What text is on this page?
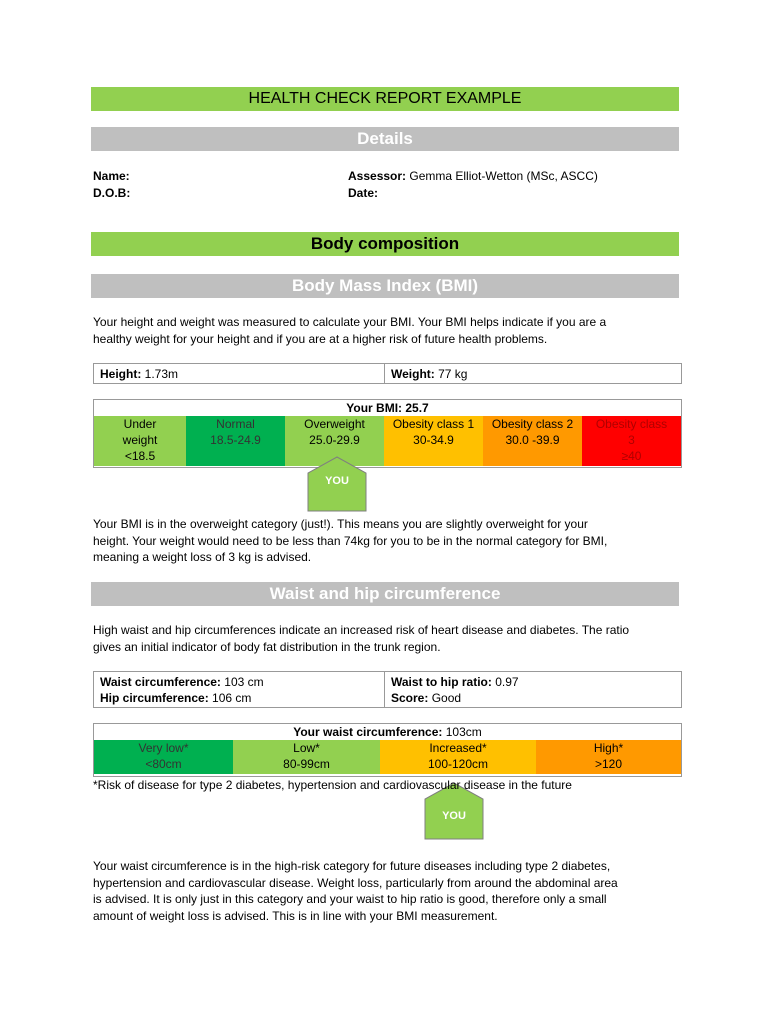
HEALTH CHECK REPORT EXAMPLE
Details
Name:
D.O.B:
Assessor: Gemma Elliot-Wetton (MSc, ASCC)
Date:
Body composition
Body Mass Index (BMI)
Your height and weight was measured to calculate your BMI. Your BMI helps indicate if you are a
healthy weight for your height and if you are at a higher risk of future health problems.
Height: 1.73m	Weight: 77 kg
Your BMI: 25.7
Under
weight
<18.5
Normal
18.5-24.9
Overweight
25.0-29.9
Obesity class 1
30-34.9
Obesity class 2
30.0 -39.9
Obesity class
3
≥40
YOU
Your BMI is in the overweight category (just!). This means you are slightly overweight for your
height. Your weight would need to be less than 74kg for you to be in the normal category for BMI,
meaning a weight loss of 3 kg is advised.
Waist and hip circumference
High waist and hip circumferences indicate an increased risk of heart disease and diabetes. The ratio
gives an initial indicator of body fat distribution in the trunk region.
Waist circumference: 103 cm
Hip circumference: 106 cm
Waist to hip ratio: 0.97
Score: Good
Your waist circumference: 103cm
Very low*
<80cm
Low*
80-99cm
Increased*
100-120cm
High*
>120
YOU
*Risk of disease for type 2 diabetes, hypertension and cardiovascular disease in the future
Your waist circumference is in the high-risk category for future diseases including type 2 diabetes,
hypertension and cardiovascular disease. Weight loss, particularly from around the abdominal area
is advised. It is only just in this category and your waist to hip ratio is good, therefore only a small
amount of weight loss is advised. This is in line with your BMI measurement.
